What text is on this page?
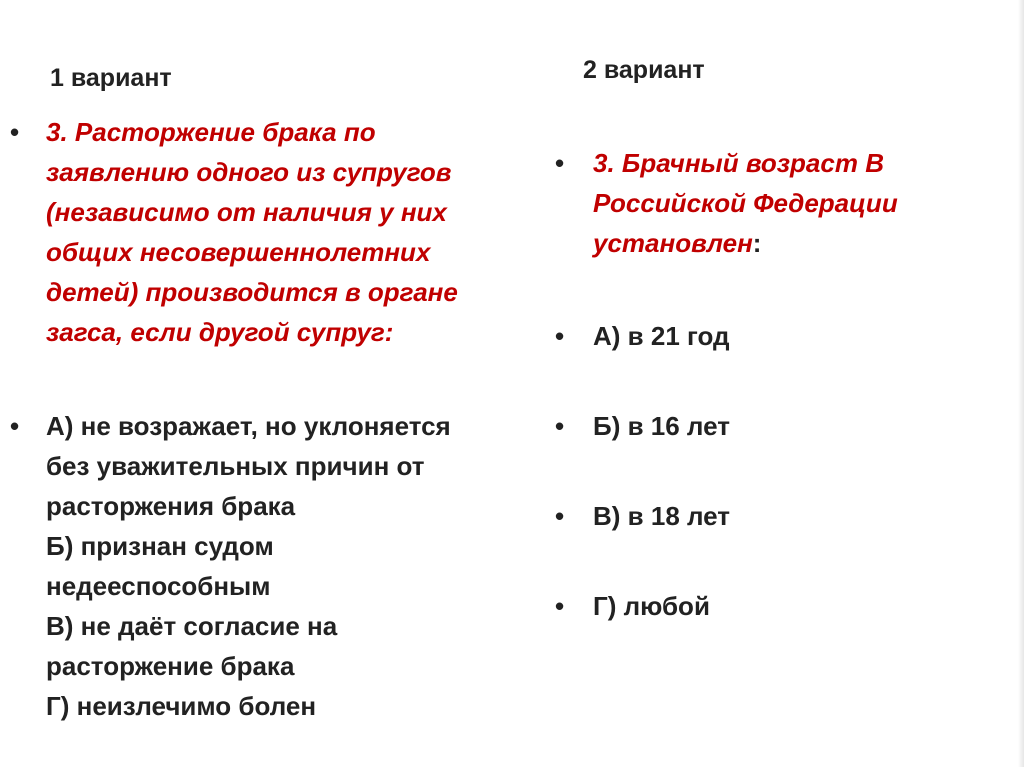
1 вариант
• 3. Расторжение брака по
заявлению одного из супругов
(независимо от наличия у них
общих несовершеннолетних
детей) производится в органе
загса, если другой супруг:
• А) не возражает, но уклоняется
без уважительных причин от
расторжения брака
Б) признан судом
недееспособным
В) не даёт согласие на
расторжение брака
Г) неизлечимо болен
2 вариант
• 3. Брачный возраст В
Российской Федерации
установлен:
• А) в 21 год
• Б) в 16 лет
• В) в 18 лет
• Г) любой
